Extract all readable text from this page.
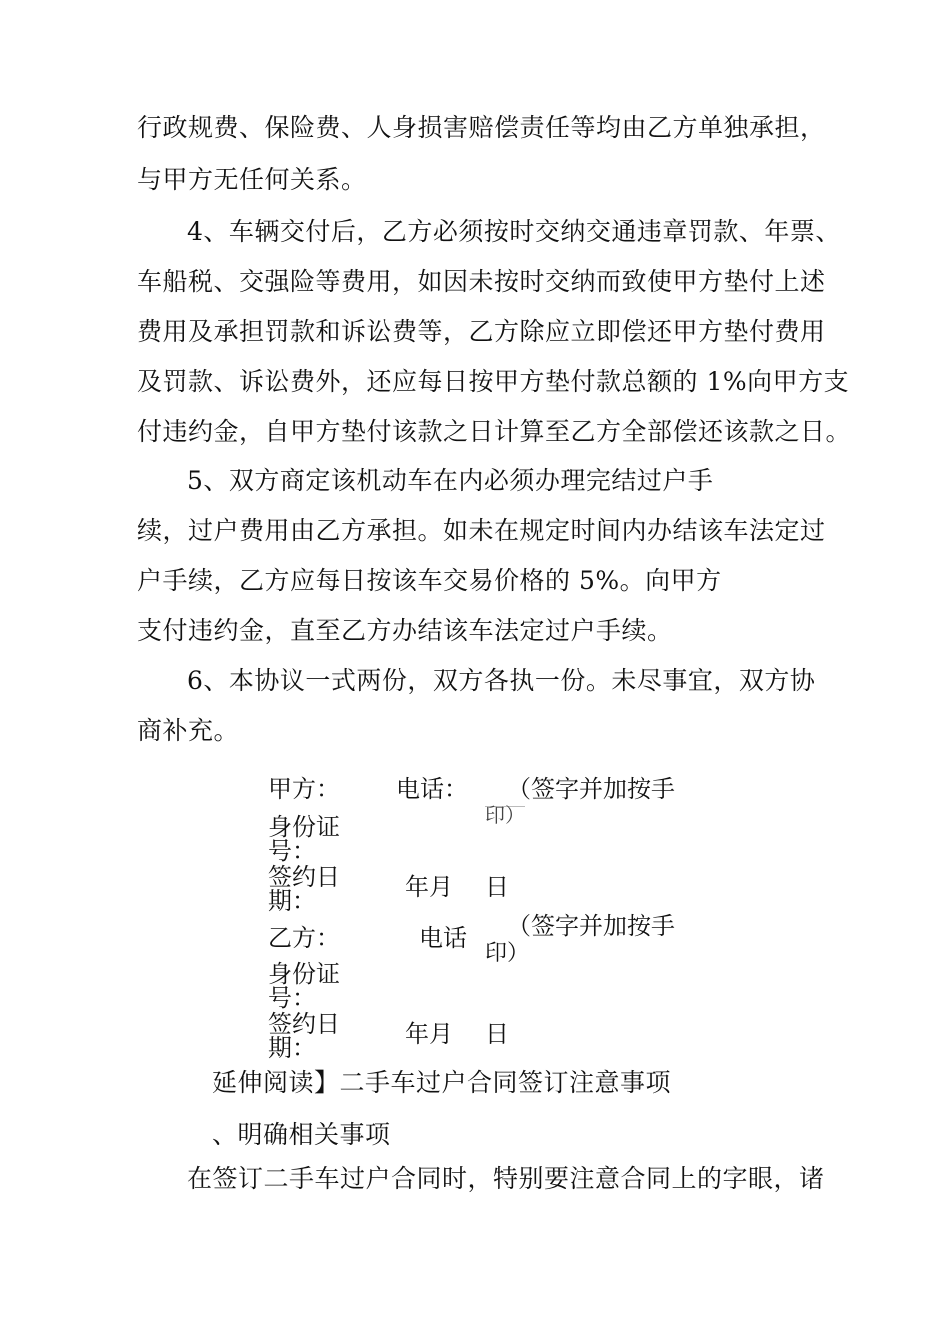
行政规费、保险费、人身损害赔偿责任等均由乙方单独承担，
与甲方无任何关系。
4、车辆交付后，乙方必须按时交纳交通违章罚款、年票、
车船税、交强险等费用，如因未按时交纳而致使甲方垫付上述
费用及承担罚款和诉讼费等，乙方除应立即偿还甲方垫付费用
及罚款、诉讼费外，还应每日按甲方垫付款总额的 1%向甲方支
付违约金，自甲方垫付该款之日计算至乙方全部偿还该款之日。
5、双方商定该机动车在内必须办理完结过户手
续，过户费用由乙方承担。如未在规定时间内办结该车法定过
户手续，乙方应每日按该车交易价格的 5%。向甲方
支付违约金，直至乙方办结该车法定过户手续。
6、本协议一式两份，双方各执一份。未尽事宜，双方协
商补充。
甲方： 电话： （签字并加按手
印）
身份证
号：
签约日
期：	年月 日
乙方：	电话 （签字并加按手
印）
身份证
号：
签约日
期：	年月 日
延伸阅读】二手车过户合同签订注意事项
、明确相关事项
在签订二手车过户合同时，特别要注意合同上的字眼，诸
